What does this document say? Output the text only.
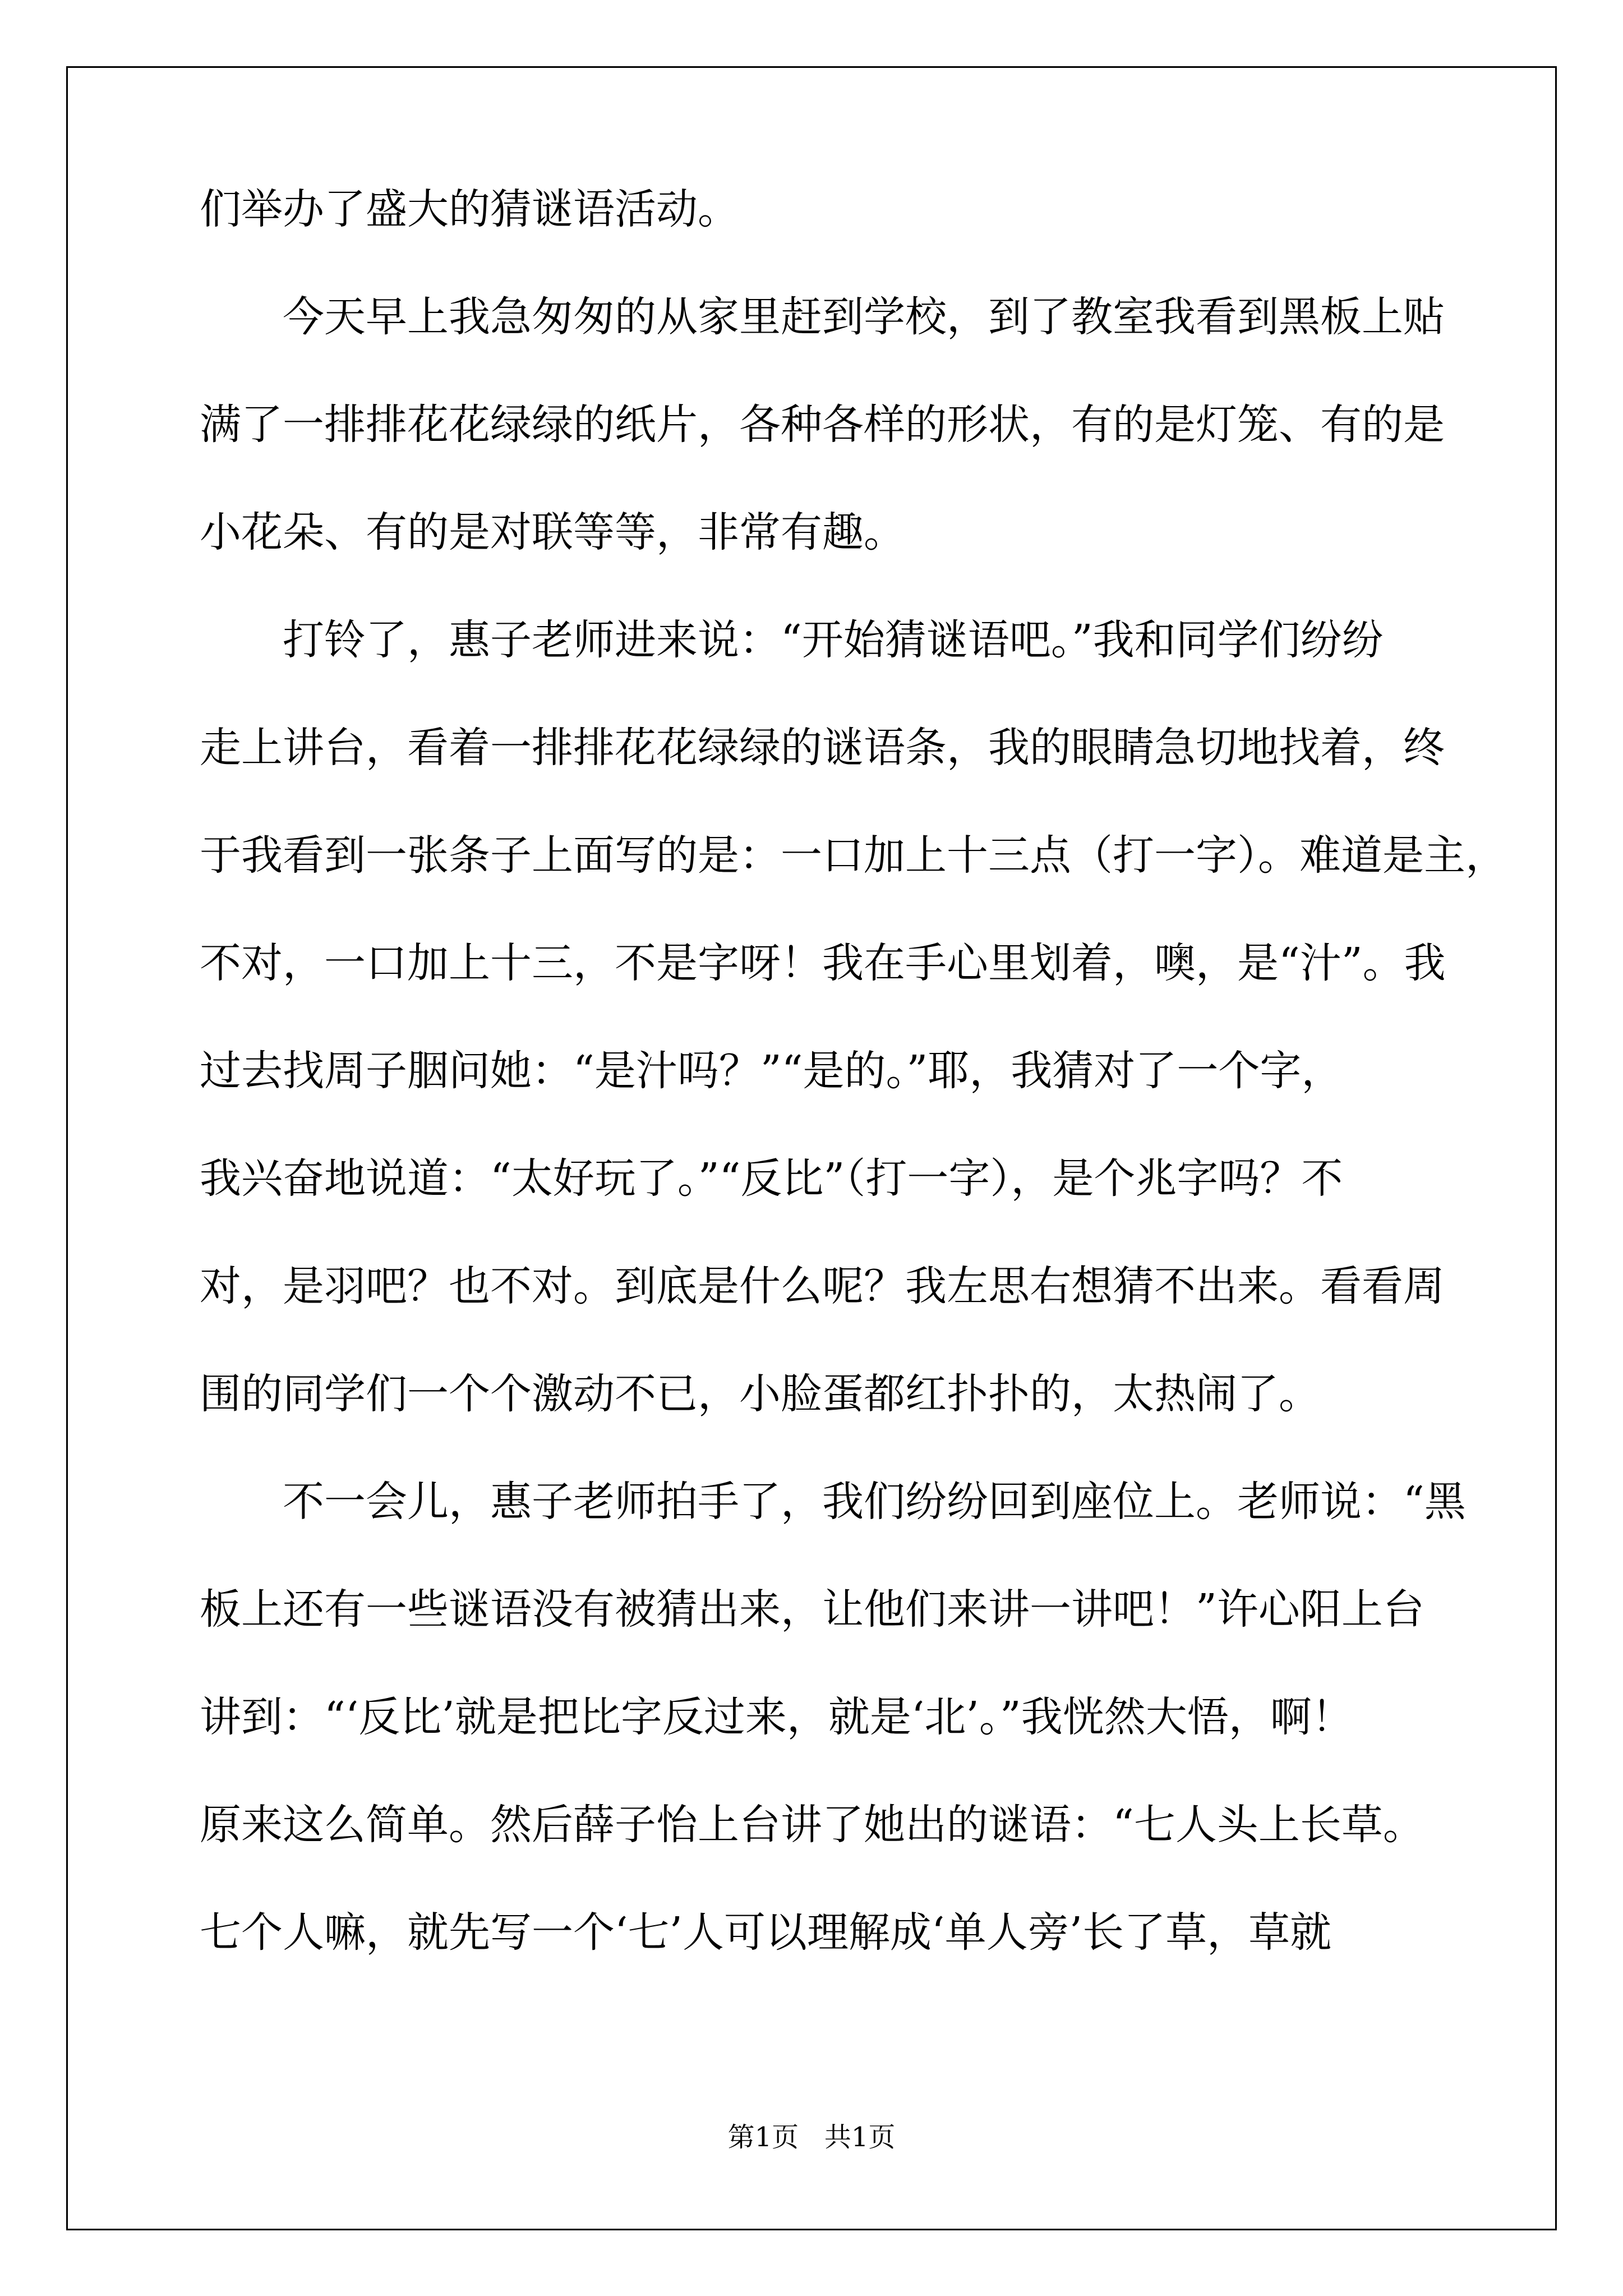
们举办了盛大的猜谜语活动。
今天早上我急匆匆的从家里赶到学校，到了教室我看到黑板上贴
满了一排排花花绿绿的纸片，各种各样的形状，有的是灯笼、有的是
小花朵、有的是对联等等，非常有趣。
打铃了，惠子老师进来说：“开始猜谜语吧。”我和同学们纷纷
走上讲台，看着一排排花花绿绿的谜语条，我的眼睛急切地找着，终
于我看到一张条子上面写的是：一口加上十三点（打一字）。难道是主，
不对，一口加上十三，不是字呀！我在手心里划着，噢，是“汁”。我
过去找周子胭问她：“是汁吗？”“是的。”耶，我猜对了一个字，
我兴奋地说道：“太好玩了。”“反比”（打一字），是个兆字吗？不
对，是羽吧？也不对。到底是什么呢？我左思右想猜不出来。看看周
围的同学们一个个激动不已，小脸蛋都红扑扑的，太热闹了。
不一会儿，惠子老师拍手了，我们纷纷回到座位上。老师说：“黑
板上还有一些谜语没有被猜出来，让他们来讲一讲吧！”许心阳上台
讲到：“‘反比’就是把比字反过来，就是‘北’。”我恍然大悟，啊！
原来这么简单。然后薛子怡上台讲了她出的谜语：“七人头上长草。
七个人嘛，就先写一个‘七’人可以理解成‘单人旁’长了草，草就
第1页   共1页
